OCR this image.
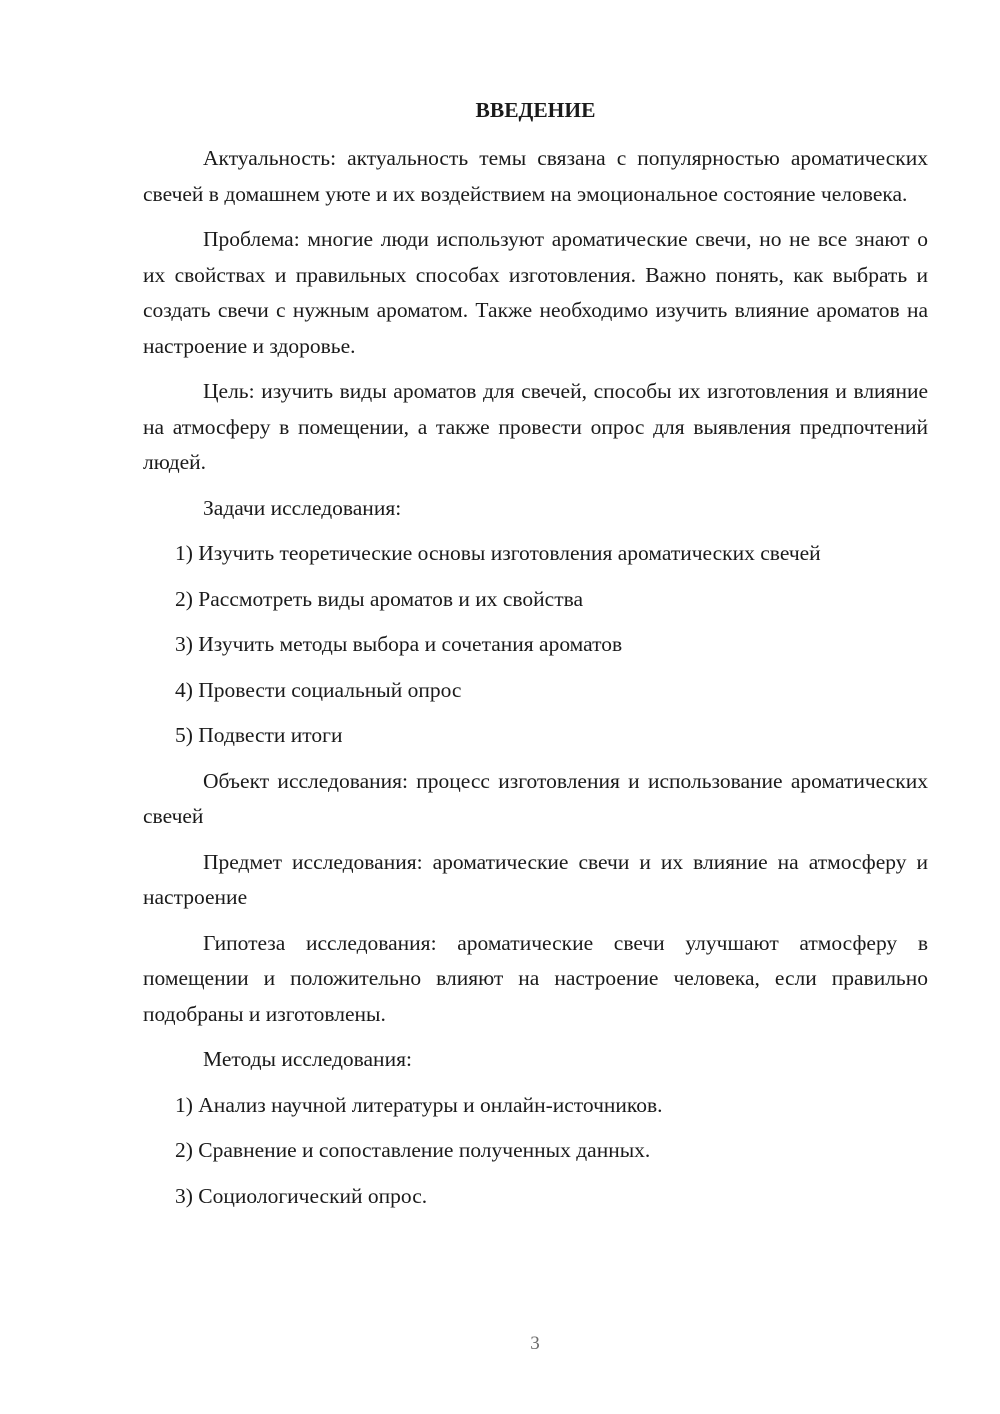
ВВЕДЕНИЕ

Актуальность: актуальность темы связана с популярностью ароматических свечей в домашнем уюте и их воздействием на эмоциональное состояние человека.

Проблема: многие люди используют ароматические свечи, но не все знают о их свойствах и правильных способах изготовления. Важно понять, как выбрать и создать свечи с нужным ароматом. Также необходимо изучить влияние ароматов на настроение и здоровье.

Цель: изучить виды ароматов для свечей, способы их изготовления и влияние на атмосферу в помещении, а также провести опрос для выявления предпочтений людей.

Задачи исследования:

1) Изучить теоретические основы изготовления ароматических свечей
2) Рассмотреть виды ароматов и их свойства
3) Изучить методы выбора и сочетания ароматов
4) Провести социальный опрос
5) Подвести итоги

Объект исследования: процесс изготовления и использование ароматических свечей

Предмет исследования: ароматические свечи и их влияние на атмосферу и настроение

Гипотеза исследования: ароматические свечи улучшают атмосферу в помещении и положительно влияют на настроение человека, если правильно подобраны и изготовлены.

Методы исследования:

1) Анализ научной литературы и онлайн-источников.
2) Сравнение и сопоставление полученных данных.
3) Социологический опрос.
3
